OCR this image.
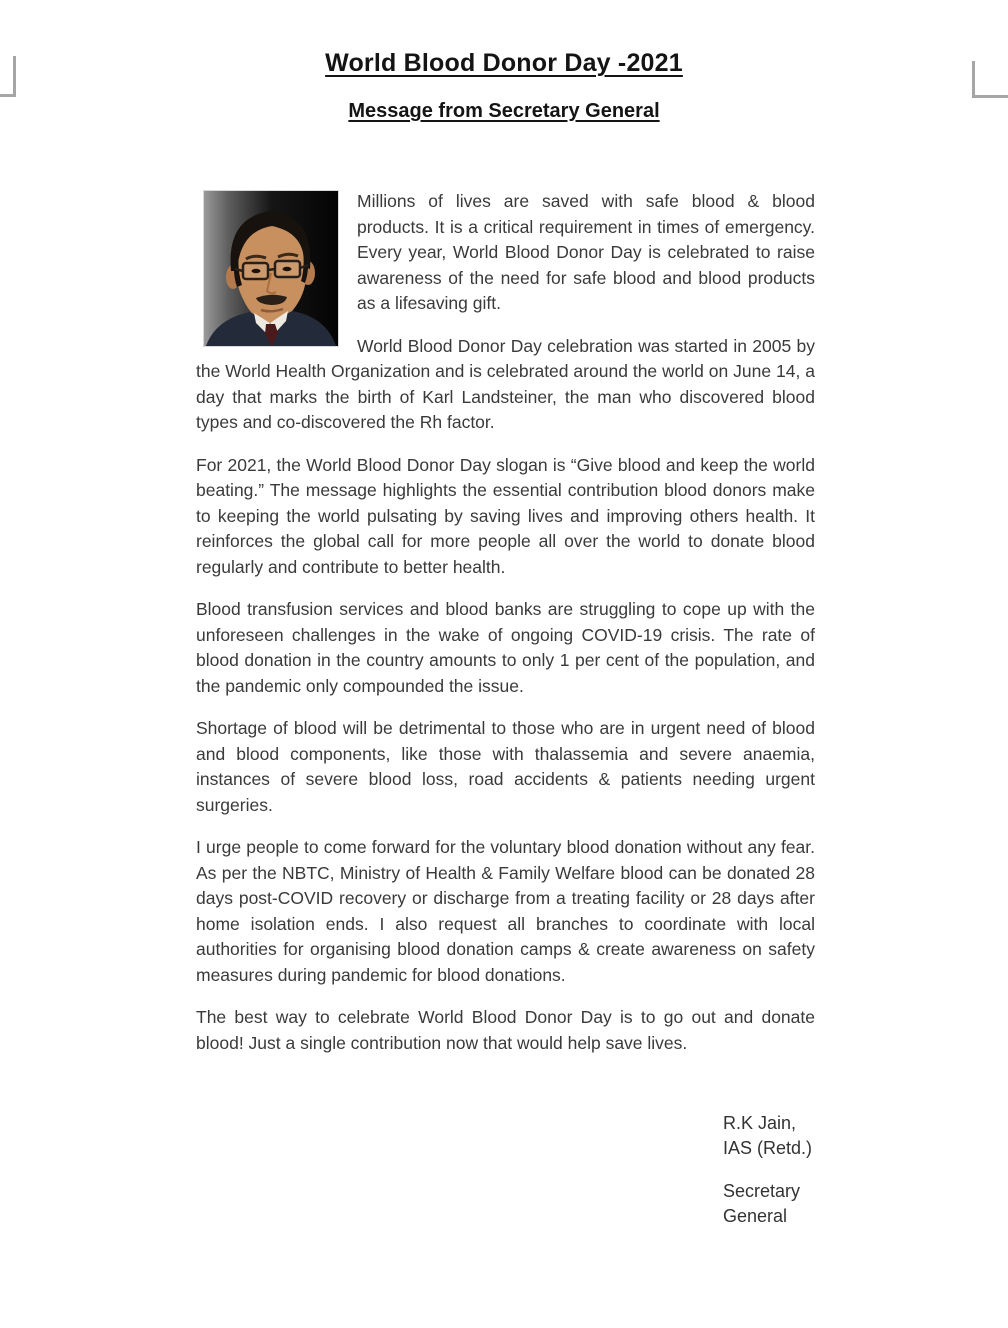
World Blood Donor Day -2021
Message from Secretary General

Millions of lives are saved with safe blood & blood products. It is a critical requirement in times of emergency. Every year, World Blood Donor Day is celebrated to raise awareness of the need for safe blood and blood products as a lifesaving gift.

World Blood Donor Day celebration was started in 2005 by the World Health Organization and is celebrated around the world on June 14, a day that marks the birth of Karl Landsteiner, the man who discovered blood types and co-discovered the Rh factor.

For 2021, the World Blood Donor Day slogan is “Give blood and keep the world beating.” The message highlights the essential contribution blood donors make to keeping the world pulsating by saving lives and improving others health. It reinforces the global call for more people all over the world to donate blood regularly and contribute to better health.

Blood transfusion services and blood banks are struggling to cope up with the unforeseen challenges in the wake of ongoing COVID-19 crisis. The rate of blood donation in the country amounts to only 1 per cent of the population, and the pandemic only compounded the issue.

Shortage of blood will be detrimental to those who are in urgent need of blood and blood components, like those with thalassemia and severe anaemia, instances of severe blood loss, road accidents & patients needing urgent surgeries.

I urge people to come forward for the voluntary blood donation without any fear. As per the NBTC, Ministry of Health & Family Welfare blood can be donated 28 days post-COVID recovery or discharge from a treating facility or 28 days after home isolation ends. I also request all branches to coordinate with local authorities for organising blood donation camps & create awareness on safety measures during pandemic for blood donations.

The best way to celebrate World Blood Donor Day is to go out and donate blood! Just a single contribution now that would help save lives.

R.K Jain, IAS (Retd.)

Secretary General
